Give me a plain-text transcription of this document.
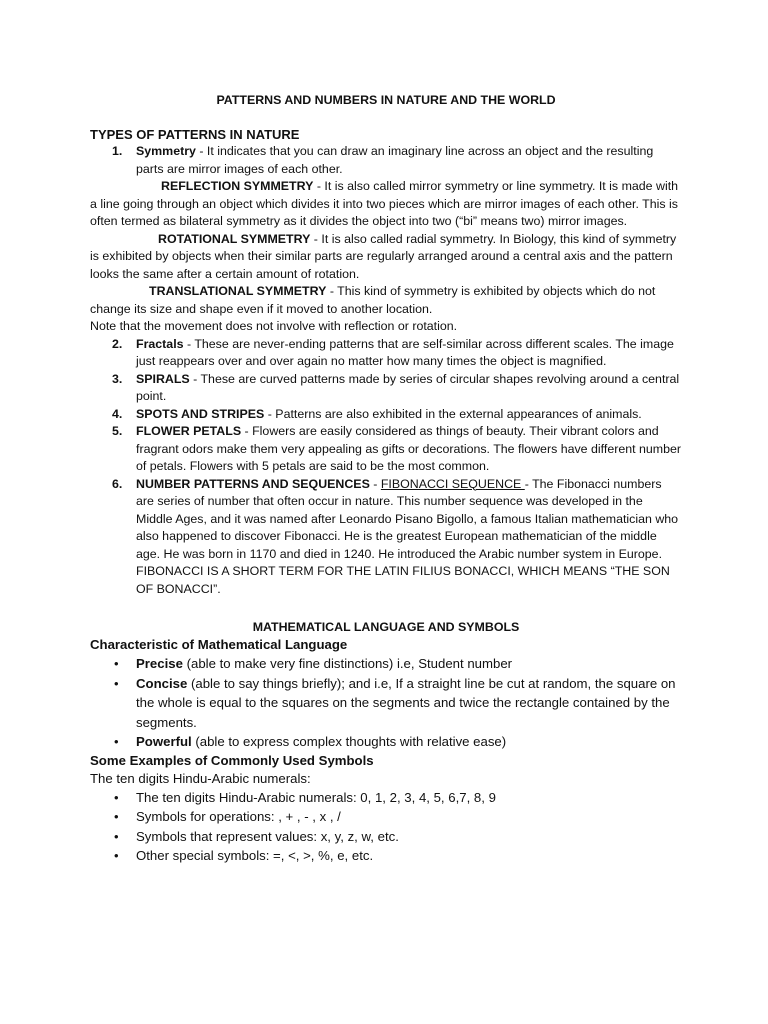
PATTERNS AND NUMBERS IN NATURE AND THE WORLD

TYPES OF PATTERNS IN NATURE

1. Symmetry - It indicates that you can draw an imaginary line across an object and the resulting parts are mirror images of each other.

REFLECTION SYMMETRY - It is also called mirror symmetry or line symmetry. It is made with a line going through an object which divides it into two pieces which are mirror images of each other. This is often termed as bilateral symmetry as it divides the object into two (“bi” means two) mirror images.

ROTATIONAL SYMMETRY - It is also called radial symmetry. In Biology, this kind of symmetry is exhibited by objects when their similar parts are regularly arranged around a central axis and the pattern looks the same after a certain amount of rotation.

TRANSLATIONAL SYMMETRY - This kind of symmetry is exhibited by objects which do not change its size and shape even if it moved to another location.

Note that the movement does not involve with reflection or rotation.

2. Fractals - These are never-ending patterns that are self-similar across different scales. The image just reappears over and over again no matter how many times the object is magnified.
3. SPIRALS - These are curved patterns made by series of circular shapes revolving around a central point.
4. SPOTS AND STRIPES - Patterns are also exhibited in the external appearances of animals.
5. FLOWER PETALS - Flowers are easily considered as things of beauty. Their vibrant colors and fragrant odors make them very appealing as gifts or decorations. The flowers have different number of petals. Flowers with 5 petals are said to be the most common.
6. NUMBER PATTERNS AND SEQUENCES - FIBONACCI SEQUENCE - The Fibonacci numbers are series of number that often occur in nature. This number sequence was developed in the Middle Ages, and it was named after Leonardo Pisano Bigollo, a famous Italian mathematician who also happened to discover Fibonacci. He is the greatest European mathematician of the middle age. He was born in 1170 and died in 1240. He introduced the Arabic number system in Europe. FIBONACCI IS A SHORT TERM FOR THE LATIN FILIUS BONACCI, WHICH MEANS “THE SON OF BONACCI”.

MATHEMATICAL LANGUAGE AND SYMBOLS

Characteristic of Mathematical Language

• Precise (able to make very fine distinctions) i.e, Student number
• Concise (able to say things briefly); and i.e, If a straight line be cut at random, the square on the whole is equal to the squares on the segments and twice the rectangle contained by the segments.
• Powerful (able to express complex thoughts with relative ease)

Some Examples of Commonly Used Symbols

The ten digits Hindu-Arabic numerals:

• The ten digits Hindu-Arabic numerals: 0, 1, 2, 3, 4, 5, 6,7, 8, 9
• Symbols for operations: , + , - , x , /
• Symbols that represent values: x, y, z, w, etc.
• Other special symbols: =, <, >, %, e, etc.
